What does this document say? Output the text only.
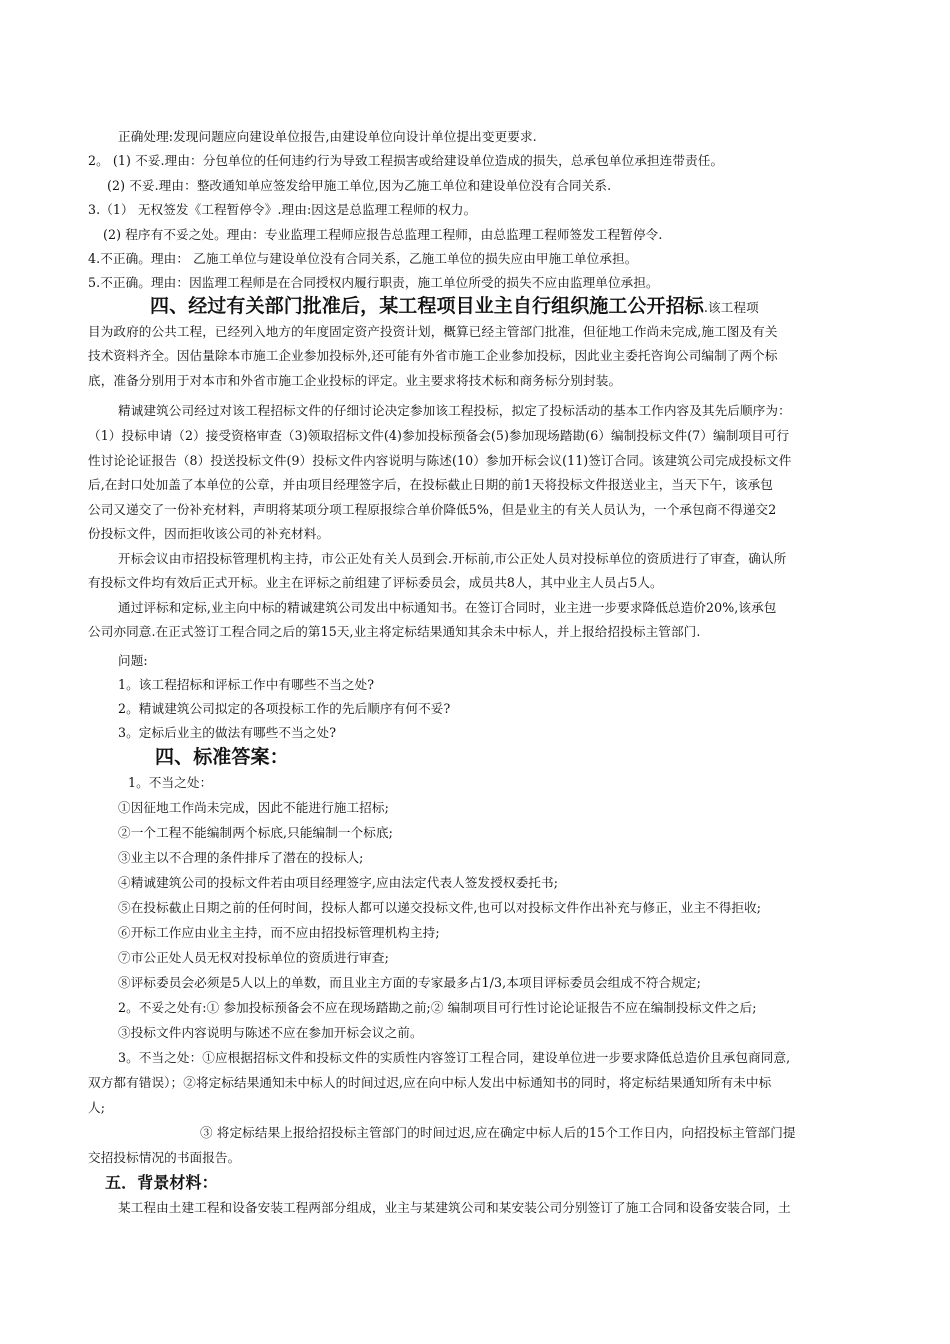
正确处理:发现问题应向建设单位报告,由建设单位向设计单位提出变更要求.
2。 (1) 不妥.理由：分包单位的任何违约行为导致工程损害或给建设单位造成的损失，总承包单位承担连带责任。
(2) 不妥.理由：整改通知单应签发给甲施工单位,因为乙施工单位和建设单位没有合同关系.
3.（1） 无权签发《工程暂停令》.理由:因这是总监理工程师的权力。
(2) 程序有不妥之处。理由：专业监理工程师应报告总监理工程师，由总监理工程师签发工程暂停令.
4.不正确。理由： 乙施工单位与建设单位没有合同关系，乙施工单位的损失应由甲施工单位承担。
5.不正确。理由：因监理工程师是在合同授权内履行职责，施工单位所受的损失不应由监理单位承担。
四、经过有关部门批准后，某工程项目业主自行组织施工公开招标.该工程项
目为政府的公共工程，已经列入地方的年度固定资产投资计划，概算已经主管部门批准，但征地工作尚未完成,施工图及有关
技术资料齐全。因估量除本市施工企业参加投标外,还可能有外省市施工企业参加投标，因此业主委托咨询公司编制了两个标
底，准备分别用于对本市和外省市施工企业投标的评定。业主要求将技术标和商务标分别封装。
精诚建筑公司经过对该工程招标文件的仔细讨论决定参加该工程投标，拟定了投标活动的基本工作内容及其先后顺序为：
（1）投标申请（2）接受资格审查（3)领取招标文件(4)参加投标预备会(5)参加现场踏勘(6）编制投标文件(7）编制项目可行
性讨论论证报告（8）投送投标文件(9）投标文件内容说明与陈述(10）参加开标会议(11)签订合同。该建筑公司完成投标文件
后,在封口处加盖了本单位的公章，并由项目经理签字后，在投标截止日期的前1天将投标文件报送业主，当天下午，该承包
公司又递交了一份补充材料，声明将某项分项工程原报综合单价降低5%，但是业主的有关人员认为，一个承包商不得递交2
份投标文件，因而拒收该公司的补充材料。
开标会议由市招投标管理机构主持，市公正处有关人员到会.开标前,市公正处人员对投标单位的资质进行了审查，确认所
有投标文件均有效后正式开标。业主在评标之前组建了评标委员会，成员共8人，其中业主人员占5人。
通过评标和定标,业主向中标的精诚建筑公司发出中标通知书。在签订合同时，业主进一步要求降低总造价20%,该承包
公司亦同意.在正式签订工程合同之后的第15天,业主将定标结果通知其余未中标人，并上报给招投标主管部门.
问题:
1。该工程招标和评标工作中有哪些不当之处?
2。精诚建筑公司拟定的各项投标工作的先后顺序有何不妥?
3。定标后业主的做法有哪些不当之处?
四、标准答案：
1。不当之处：
①因征地工作尚未完成，因此不能进行施工招标;
②一个工程不能编制两个标底,只能编制一个标底;
③业主以不合理的条件排斥了潜在的投标人;
④精诚建筑公司的投标文件若由项目经理签字,应由法定代表人签发授权委托书;
⑤在投标截止日期之前的任何时间，投标人都可以递交投标文件,也可以对投标文件作出补充与修正，业主不得拒收;
⑥开标工作应由业主主持，而不应由招投标管理机构主持;
⑦市公正处人员无权对投标单位的资质进行审查;
⑧评标委员会必须是5人以上的单数，而且业主方面的专家最多占1/3,本项目评标委员会组成不符合规定;
2。不妥之处有:① 参加投标预备会不应在现场踏勘之前;② 编制项目可行性讨论论证报告不应在编制投标文件之后;
③投标文件内容说明与陈述不应在参加开标会议之前。
3。不当之处：①应根据招标文件和投标文件的实质性内容签订工程合同，建设单位进一步要求降低总造价且承包商同意,
双方都有错误）；②将定标结果通知未中标人的时间过迟,应在向中标人发出中标通知书的同时，将定标结果通知所有未中标
人;
③ 将定标结果上报给招投标主管部门的时间过迟,应在确定中标人后的15个工作日内，向招投标主管部门提
交招投标情况的书面报告。
五．背景材料：
某工程由土建工程和设备安装工程两部分组成，业主与某建筑公司和某安装公司分别签订了施工合同和设备安装合同，土
